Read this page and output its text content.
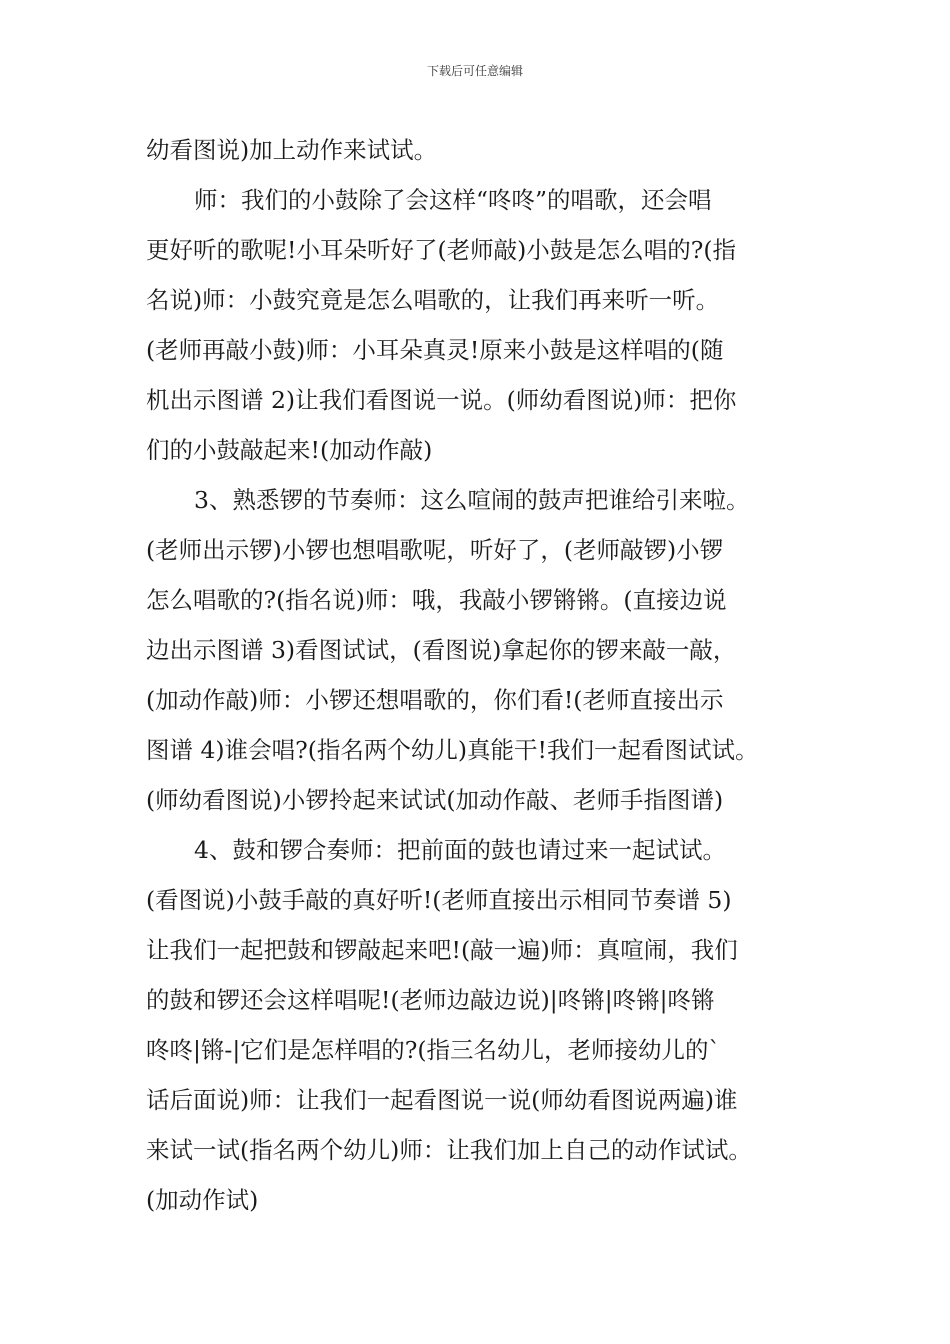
下载后可任意编辑
幼看图说)加上动作来试试。
师：我们的小鼓除了会这样“咚咚”的唱歌，还会唱
更好听的歌呢!小耳朵听好了(老师敲)小鼓是怎么唱的?(指
名说)师：小鼓究竟是怎么唱歌的，让我们再来听一听。
(老师再敲小鼓)师：小耳朵真灵!原来小鼓是这样唱的(随
机出示图谱 2)让我们看图说一说。(师幼看图说)师：把你
们的小鼓敲起来!(加动作敲)
3、熟悉锣的节奏师：这么喧闹的鼓声把谁给引来啦。
(老师出示锣)小锣也想唱歌呢，听好了，(老师敲锣)小锣
怎么唱歌的?(指名说)师：哦，我敲小锣锵锵。(直接边说
边出示图谱 3)看图试试，(看图说)拿起你的锣来敲一敲，
(加动作敲)师：小锣还想唱歌的，你们看!(老师直接出示
图谱 4)谁会唱?(指名两个幼儿)真能干!我们一起看图试试。
(师幼看图说)小锣拎起来试试(加动作敲、老师手指图谱)
4、鼓和锣合奏师：把前面的鼓也请过来一起试试。
(看图说)小鼓手敲的真好听!(老师直接出示相同节奏谱 5)
让我们一起把鼓和锣敲起来吧!(敲一遍)师：真喧闹，我们
的鼓和锣还会这样唱呢!(老师边敲边说)|咚锵|咚锵|咚锵
咚咚|锵-|它们是怎样唱的?(指三名幼儿，老师接幼儿的`
话后面说)师：让我们一起看图说一说(师幼看图说两遍)谁
来试一试(指名两个幼儿)师：让我们加上自己的动作试试。
(加动作试)
